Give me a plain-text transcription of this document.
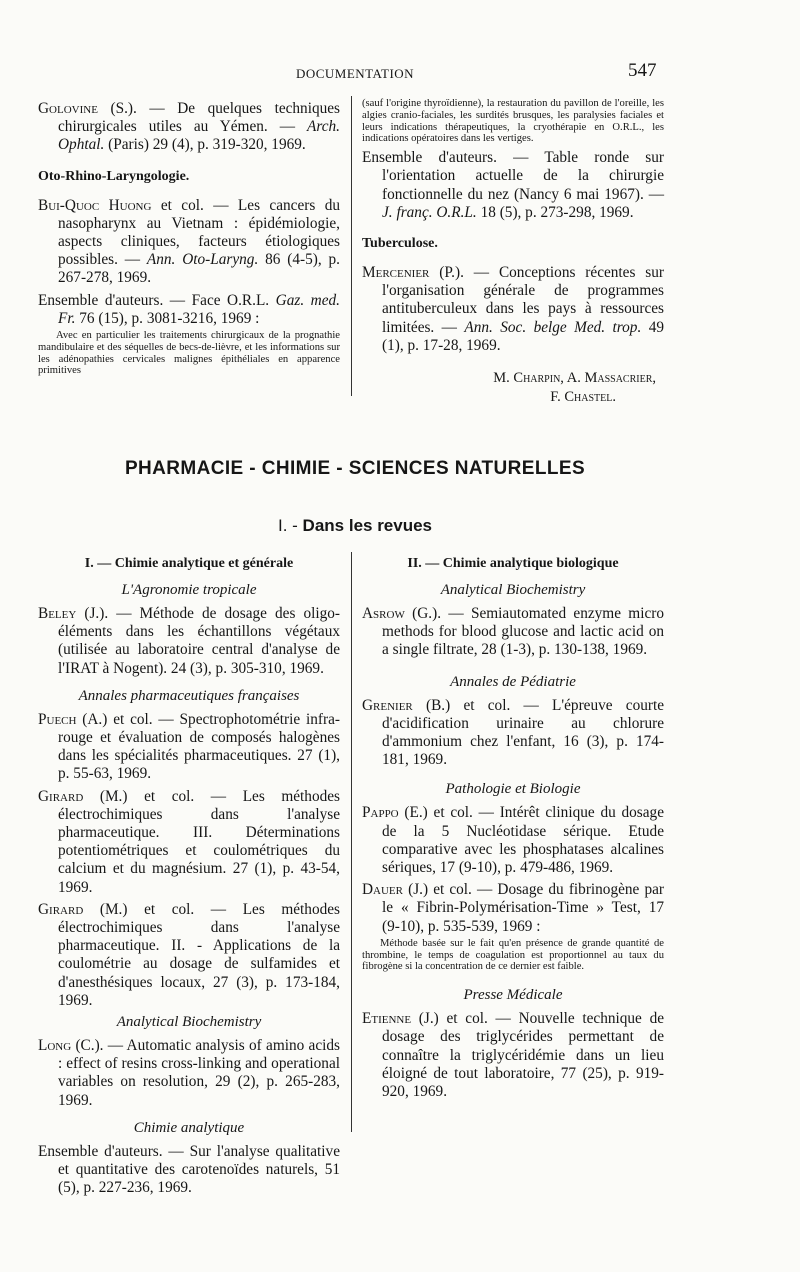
DOCUMENTATION	547

Golovine (S.). — De quelques techniques chirurgicales utiles au Yémen. — Arch. Ophtal. (Paris) 29 (4), p. 319-320, 1969.

Oto-Rhino-Laryngologie.

Bui-Quoc Huong et col. — Les cancers du nasopharynx au Vietnam : épidémiologie, aspects cliniques, facteurs étiologiques possibles. — Ann. Oto-Laryng. 86 (4-5), p. 267-278, 1969.

Ensemble d'auteurs. — Face O.R.L. Gaz. med. Fr. 76 (15), p. 3081-3216, 1969 :

Avec en particulier les traitements chirurgicaux de la prognathie mandibulaire et des séquelles de becs-de-lièvre, et les informations sur les adénopathies cervicales malignes épithéliales en apparence primitives

(sauf l'origine thyroïdienne), la restauration du pavillon de l'oreille, les algies cranio-faciales, les surdités brusques, les paralysies faciales et leurs indications thérapeutiques, la cryothérapie en O.R.L., les indications opératoires dans les vertiges.

Ensemble d'auteurs. — Table ronde sur l'orientation actuelle de la chirurgie fonctionnelle du nez (Nancy 6 mai 1967). — J. franç. O.R.L. 18 (5), p. 273-298, 1969.

Tuberculose.

Mercenier (P.). — Conceptions récentes sur l'organisation générale de programmes antituberculeux dans les pays à ressources limitées. — Ann. Soc. belge Med. trop. 49 (1), p. 17-28, 1969.

M. Charpin, A. Massacrier,
F. Chastel.
PHARMACIE - CHIMIE - SCIENCES NATURELLES
I. - Dans les revues
I. — Chimie analytique et générale
L'Agronomie tropicale

Beley (J.). — Méthode de dosage des oligo-éléments dans les échantillons végétaux (utilisée au laboratoire central d'analyse de l'IRAT à Nogent). 24 (3), p. 305-310, 1969.

Annales pharmaceutiques françaises

Puech (A.) et col. — Spectrophotométrie infra-rouge et évaluation de composés halogènes dans les spécialités pharmaceutiques. 27 (1), p. 55-63, 1969.

Girard (M.) et col. — Les méthodes électrochimiques dans l'analyse pharmaceutique. III. Déterminations potentiométriques et coulométriques du calcium et du magnésium. 27 (1), p. 43-54, 1969.

Girard (M.) et col. — Les méthodes électrochimiques dans l'analyse pharmaceutique. II. - Applications de la coulométrie au dosage de sulfamides et d'anesthésiques locaux, 27 (3), p. 173-184, 1969.

Analytical Biochemistry

Long (C.). — Automatic analysis of amino acids : effect of resins cross-linking and operational variables on resolution, 29 (2), p. 265-283, 1969.

Chimie analytique

Ensemble d'auteurs. — Sur l'analyse qualitative et quantitative des carotenoïdes naturels, 51 (5), p. 227-236, 1969.

II. — Chimie analytique biologique
Analytical Biochemistry

Asrow (G.). — Semiautomated enzyme micro methods for blood glucose and lactic acid on a single filtrate, 28 (1-3), p. 130-138, 1969.

Annales de Pédiatrie

Grenier (B.) et col. — L'épreuve courte d'acidification urinaire au chlorure d'ammonium chez l'enfant, 16 (3), p. 174-181, 1969.

Pathologie et Biologie

Pappo (E.) et col. — Intérêt clinique du dosage de la 5 Nucléotidase sérique. Etude comparative avec les phosphatases alcalines sériques, 17 (9-10), p. 479-486, 1969.

Dauer (J.) et col. — Dosage du fibrinogène par le « Fibrin-Polymérisation-Time » Test, 17 (9-10), p. 535-539, 1969 :

Méthode basée sur le fait qu'en présence de grande quantité de thrombine, le temps de coagulation est proportionnel au taux du fibrogène si la concentration de ce dernier est faible.

Presse Médicale

Etienne (J.) et col. — Nouvelle technique de dosage des triglycérides permettant de connaître la triglycéridémie dans un lieu éloigné de tout laboratoire, 77 (25), p. 919-920, 1969.
